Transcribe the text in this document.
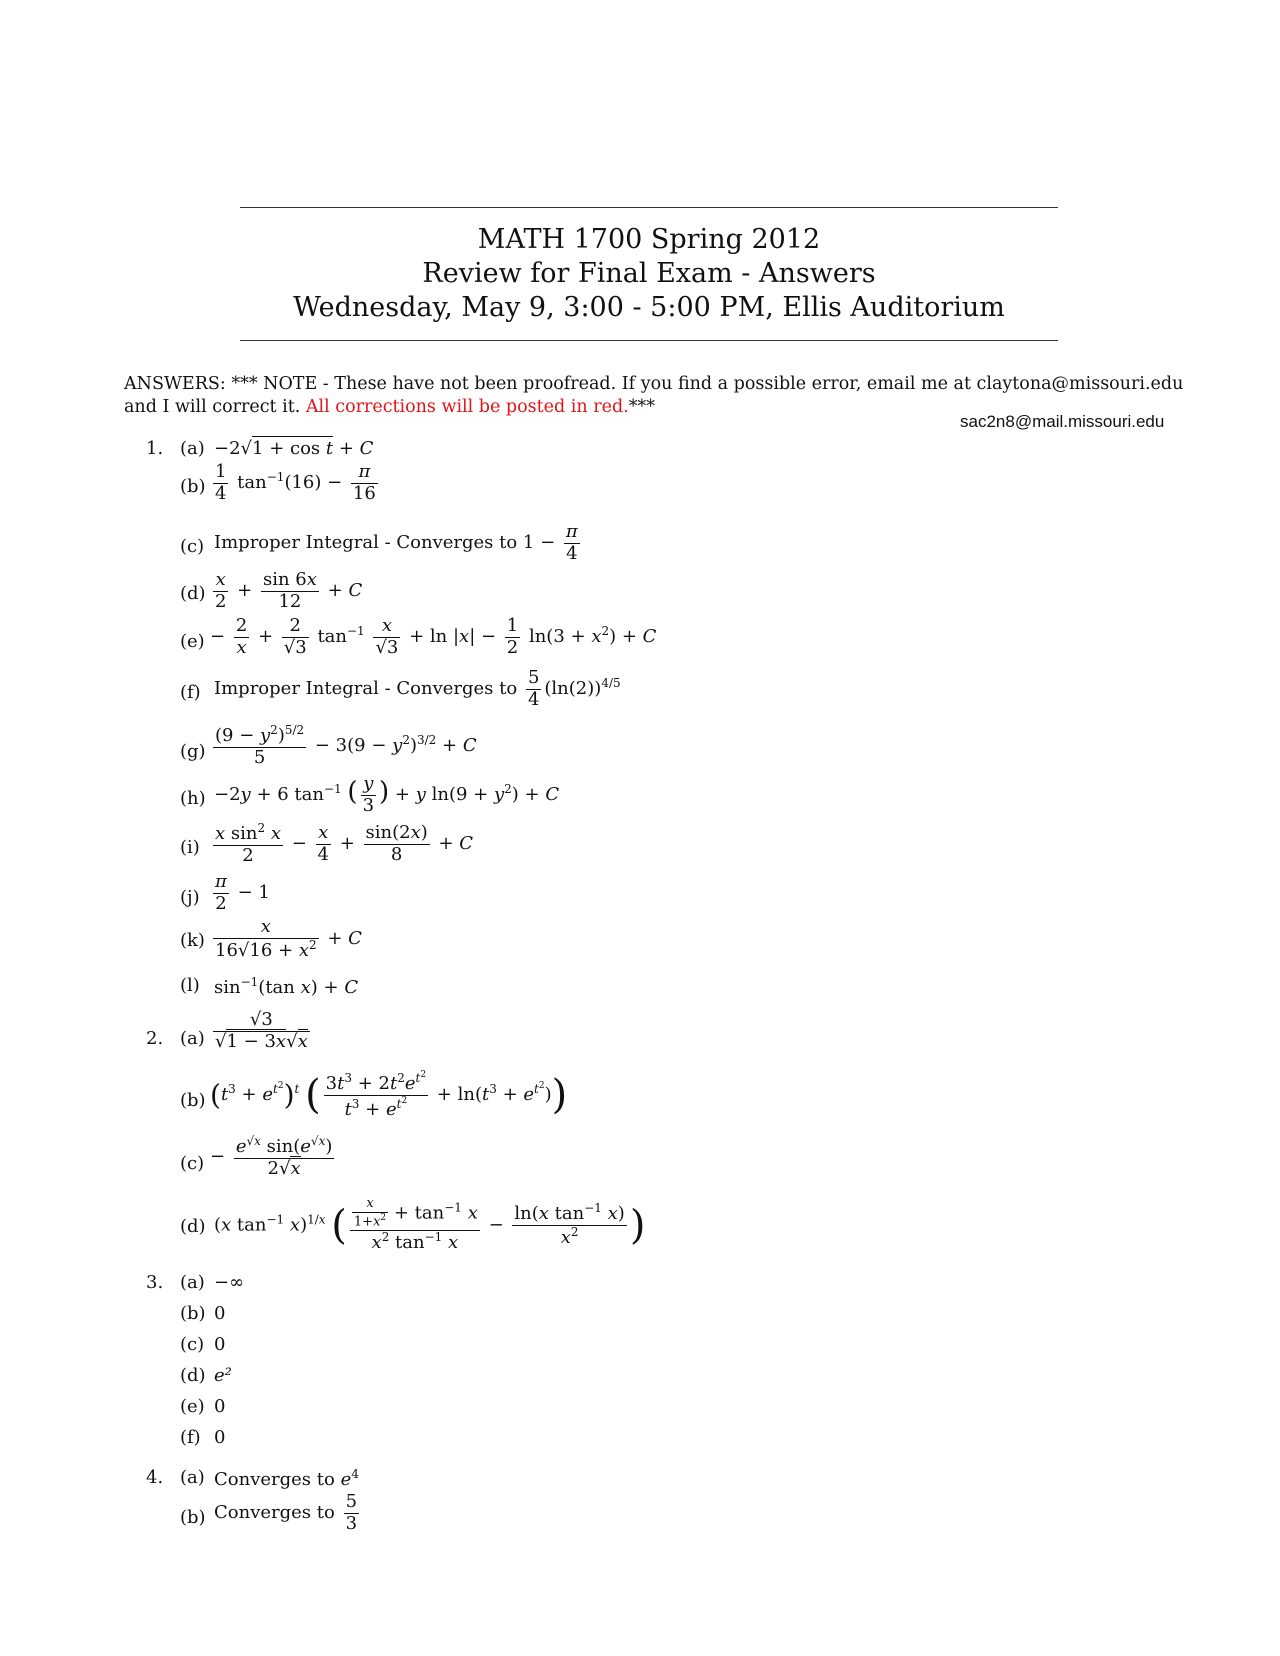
MATH 1700 Spring 2012
Review for Final Exam - Answers
Wednesday, May 9, 3:00 - 5:00 PM, Ellis Auditorium
ANSWERS: *** NOTE - These have not been proofread. If you find a possible error, email me at claytona@missouri.edu
and I will correct it. All corrections will be posted in red.***
sac2n8@mail.missouri.edu
1. (a) −2√1 + cos t + C
$(b) \frac{1}{4} \tan^{-1}(16) - \frac{\pi}{16}$
(c) Improper Integral - Converges to $1 - \frac{\pi}{4}$
$(d) \frac{x}{2} + \frac{\sin 6x}{12} + C$
$(e) - \frac{2}{x} + \frac{2}{√3} \tan^{-1} \frac{x}{√3} + \ln |x| - \frac{1}{2} \ln(3 + x^2) + C$
(f) Improper Integral - Converges to $\frac{5}{4} (\ln(2))^{4/5}$
$(g) \frac{(9 - y^2)^{5/2}}{5} - 3(9 - y^2)^{3/2} + C$
(h) −2y + 6 $\tan^{-1}$ ( $\frac{y}{3}$ ) + y $\ln(9 + y^2) + C$
$(i) \frac{x \sin^2 x}{2} - \frac{x}{4} + \frac{\sin(2x)}{8} + C$
$(j) \frac{\pi}{2} - 1$
$(k) \frac{x}{16√16 + x^2} + C$
(l) $\sin^{-1}(\tan$ x) + C
2. $(a) \frac{√3}{√1 - 3x√x}$
(b) $(t^3 + e^{t^2})^t$ ( $\frac{3t^3 + 2t^2e^{t^2}}{t^3 + e^{t^2}} + \ln(t^3 + e^{t^2})$)
$(c) - \frac{e^{√x} \sin(e^{√x})}{2√x}$
(d) (x $\tan^{-1} x)^{1/x}$ ( $\frac{\frac{x}{1+x^2} + \tan^{-1} x}{x^2 \tan^{-1} x} - \frac{\ln(x \tan^{-1} x)}{x^2}$ )
3. (a) −∞
(b) 0
(c) 0
(d) e²
(e) 0
(f) 0
4. (a) Converges to $e^4$
(b) Converges to $\frac{5}{3}$
